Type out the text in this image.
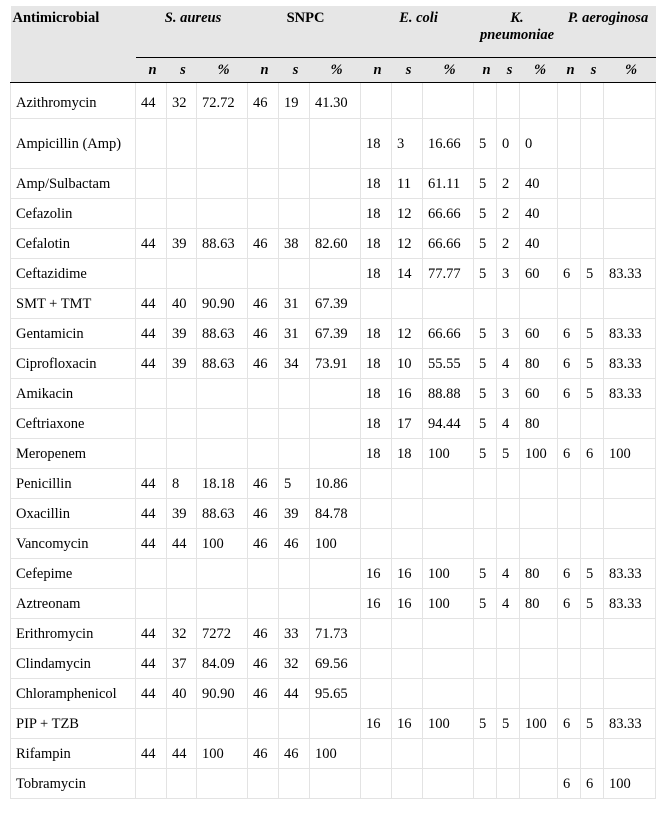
Antimicrobial	S. aureus			SNPC			E. coli			K. pneumoniae			P. aeroginosa		
	n	s	%	n	s	%	n	s	%	n	s	%	n	s	%
Azithromycin	44	32	72.72	46	19	41.30									
Ampicillin (Amp)							18	3	16.66	5	0	0			
Amp/Sulbactam							18	11	61.11	5	2	40			
Cefazolin							18	12	66.66	5	2	40			
Cefalotin	44	39	88.63	46	38	82.60	18	12	66.66	5	2	40			
Ceftazidime							18	14	77.77	5	3	60	6	5	83.33
SMT + TMT	44	40	90.90	46	31	67.39									
Gentamicin	44	39	88.63	46	31	67.39	18	12	66.66	5	3	60	6	5	83.33
Ciprofloxacin	44	39	88.63	46	34	73.91	18	10	55.55	5	4	80	6	5	83.33
Amikacin							18	16	88.88	5	3	60	6	5	83.33
Ceftriaxone							18	17	94.44	5	4	80			
Meropenem							18	18	100	5	5	100	6	6	100
Penicillin	44	8	18.18	46	5	10.86									
Oxacillin	44	39	88.63	46	39	84.78									
Vancomycin	44	44	100	46	46	100									
Cefepime							16	16	100	5	4	80	6	5	83.33
Aztreonam							16	16	100	5	4	80	6	5	83.33
Erithromycin	44	32	7272	46	33	71.73									
Clindamycin	44	37	84.09	46	32	69.56									
Chloramphenicol	44	40	90.90	46	44	95.65									
PIP + TZB							16	16	100	5	5	100	6	5	83.33
Rifampin	44	44	100	46	46	100									
Tobramycin													6	6	100
